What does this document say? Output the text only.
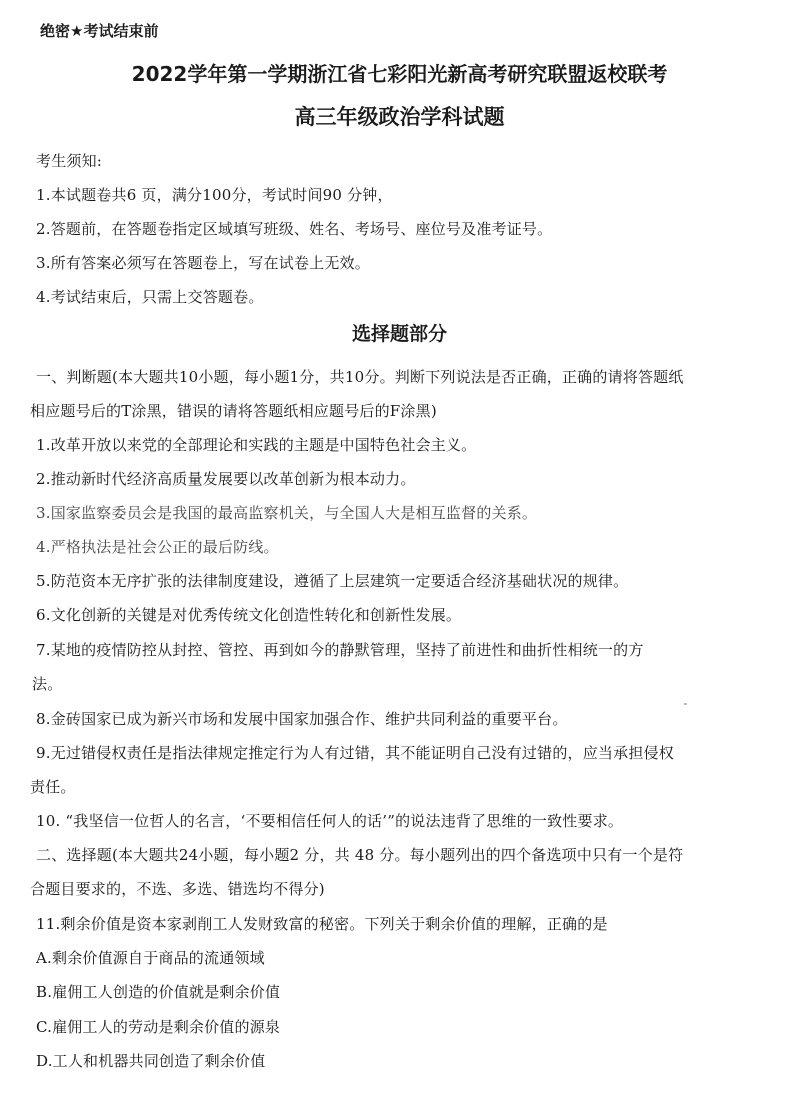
绝密★考试结束前
2022学年第一学期浙江省七彩阳光新高考研究联盟返校联考
高三年级政治学科试题
考生须知:
1.本试题卷共6 页，满分100分，考试时间90 分钟，
2.答题前，在答题卷指定区域填写班级、姓名、考场号、座位号及准考证号。
3.所有答案必须写在答题卷上，写在试卷上无效。
4.考试结束后，只需上交答题卷。
选择题部分
一、判断题(本大题共10小题，每小题1分，共10分。判断下列说法是否正确，正确的请将答题纸
相应题号后的T涂黑，错误的请将答题纸相应题号后的F涂黑)
1.改革开放以来党的全部理论和实践的主题是中国特色社会主义。
2.推动新时代经济高质量发展要以改革创新为根本动力。
3.国家监察委员会是我国的最高监察机关，与全国人大是相互监督的关系。
4.严格执法是社会公正的最后防线。
5.防范资本无序扩张的法律制度建设，遵循了上层建筑一定要适合经济基础状况的规律。
6.文化创新的关键是对优秀传统文化创造性转化和创新性发展。
7.某地的疫情防控从封控、管控、再到如今的静默管理，坚持了前进性和曲折性相统一的方
法。
8.金砖国家已成为新兴市场和发展中国家加强合作、维护共同利益的重要平台。
9.无过错侵权责任是指法律规定推定行为人有过错，其不能证明自己没有过错的，应当承担侵权
责任。
10. “我坚信一位哲人的名言，‘不要相信任何人的话’”的说法违背了思维的一致性要求。
二、选择题(本大题共24小题，每小题2 分，共 48 分。每小题列出的四个备选项中只有一个是符
合题目要求的，不选、多选、错选均不得分)
11.剩余价值是资本家剥削工人发财致富的秘密。下列关于剩余价值的理解，正确的是
A.剩余价值源自于商品的流通领域
B.雇佣工人创造的价值就是剩余价值
C.雇佣工人的劳动是剩余价值的源泉
D.工人和机器共同创造了剩余价值
